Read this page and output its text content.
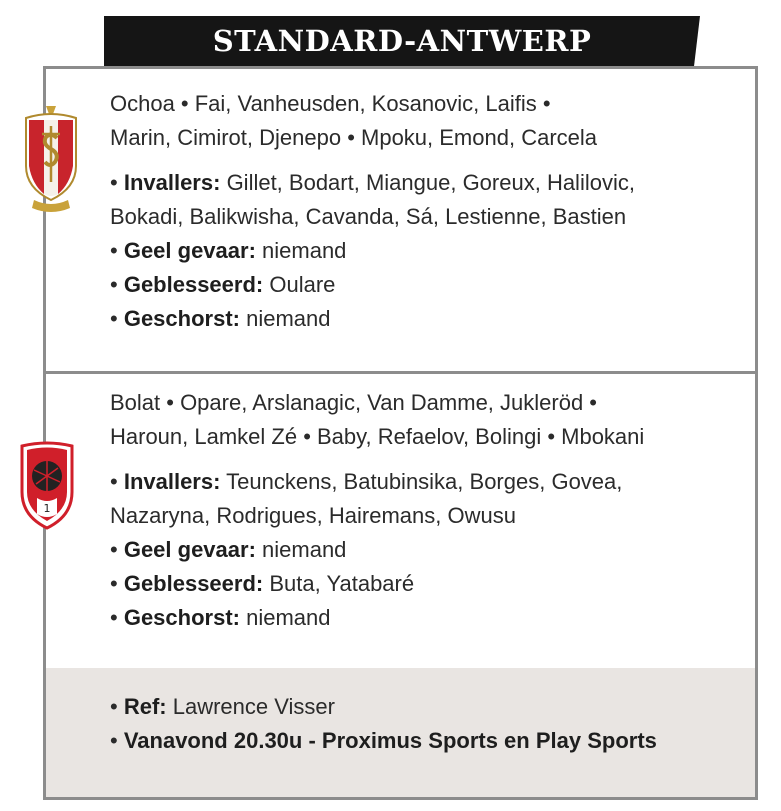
STANDARD-ANTWERP
Ochoa • Fai, Vanheusden, Kosanovic, Laifis •
Marin, Cimirot, Djenepo • Mpoku, Emond, Carcela
• Invallers: Gillet, Bodart, Miangue, Goreux, Halilovic,
Bokadi, Balikwisha, Cavanda, Sá, Lestienne, Bastien
• Geel gevaar: niemand
• Geblesseerd: Oulare
• Geschorst: niemand
Bolat • Opare, Arslanagic, Van Damme, Juklerӧd •
Haroun, Lamkel Zé • Baby, Refaelov, Bolingi • Mbokani
• Invallers: Teunckens, Batubinsika, Borges, Govea,
Nazaryna, Rodrigues, Hairemans, Owusu
• Geel gevaar: niemand
• Geblesseerd: Buta, Yatabaré
• Geschorst: niemand
• Ref: Lawrence Visser
• Vanavond 20.30u - Proximus Sports en Play Sports
1
